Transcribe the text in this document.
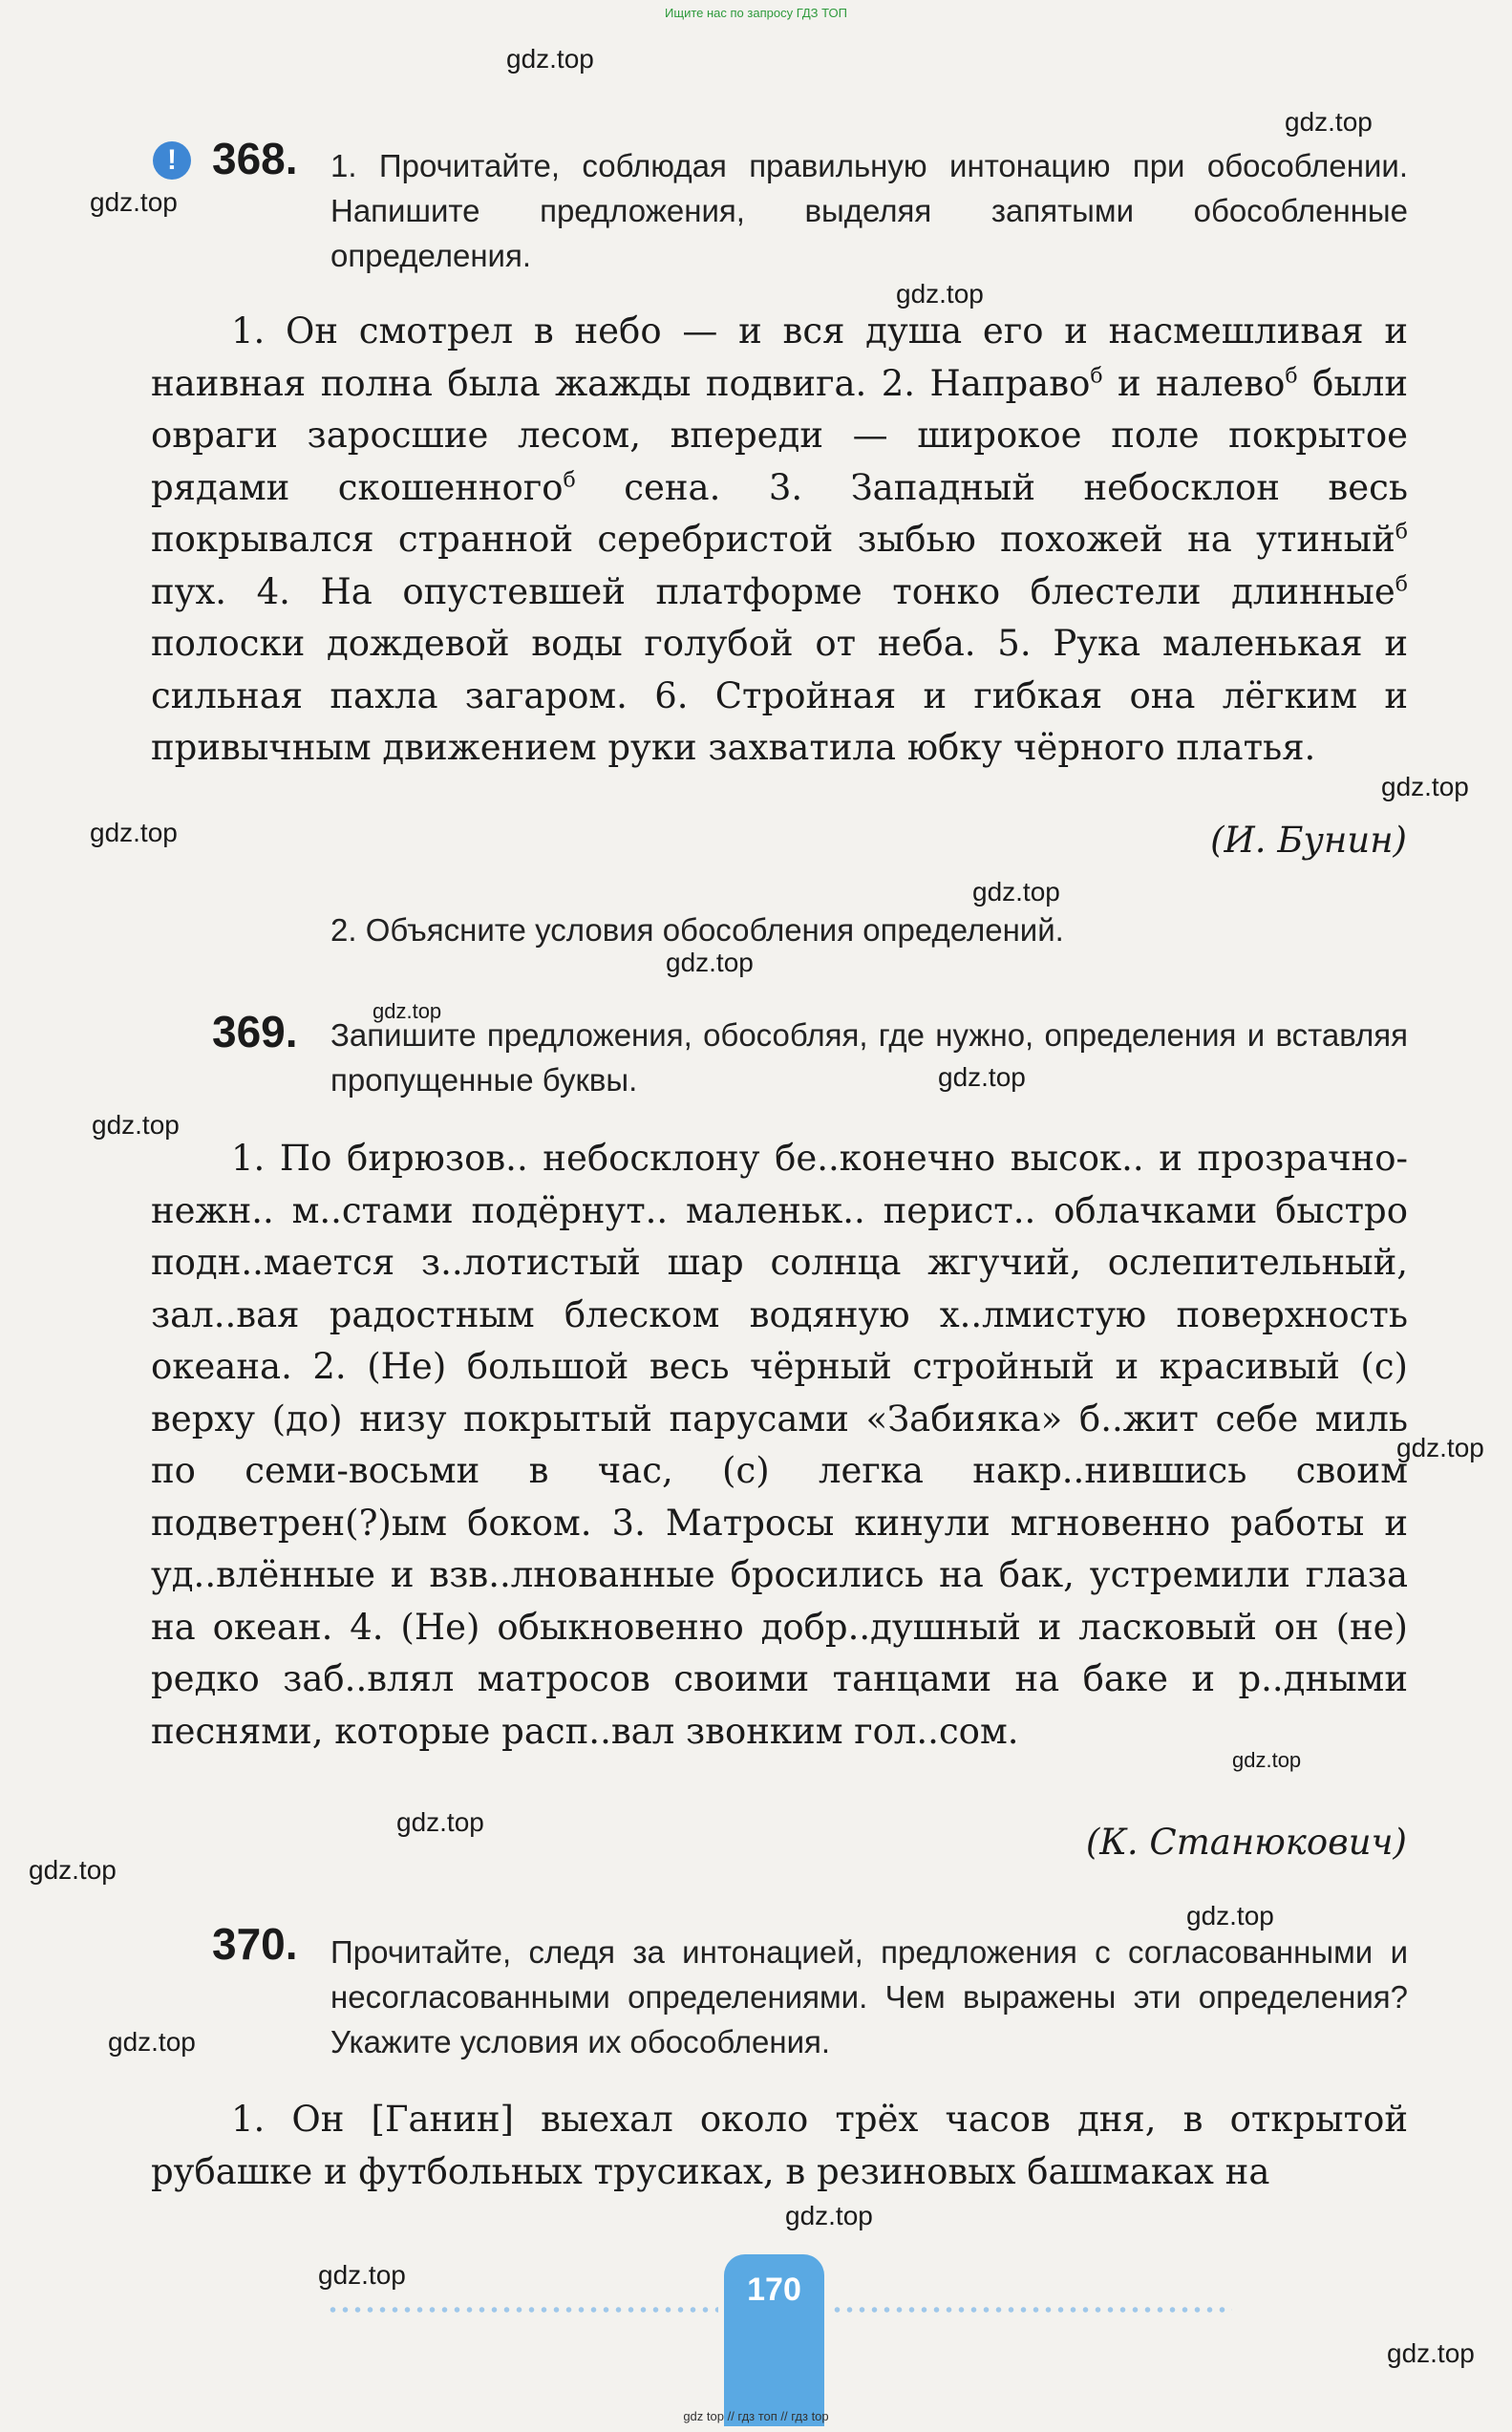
Ищите нас по запросу ГДЗ ТОП
! 368. 1. Прочитайте, соблюдая правильную интонацию при обособлении. Напишите предложения, выделяя запятыми обособленные определения.
1. Он смотрел в небо — и вся душа его и насмешливая и наивная полна была жажды подвига. 2. Направо$^б$ и налево$^б$ были овраги заросшие лесом, впереди — широкое поле покрытое рядами скошенного$^б$ сена. 3. Западный небосклон весь покрывался странной серебристой зыбью похожей на утиный$^б$ пух. 4. На опустевшей платформе тонко блестели длинные$^б$ полоски дождевой воды голубой от неба. 5. Рука маленькая и сильная пахла загаром. 6. Стройная и гибкая она лёгким и привычным движением руки захватила юбку чёрного платья.
(И. Бунин)
2. Объясните условия обособления определений.
369. Запишите предложения, обособляя, где нужно, определения и вставляя пропущенные буквы.
1. По бирюзов.. небосклону бе..конечно высок.. и прозрачно-нежн.. м..стами подёрнут.. маленьк.. перист.. облачками быстро подн..мается з..лотистый шар солнца жгучий, ослепительный, зал..вая радостным блеском водяную х..лмистую поверхность океана. 2. (Не) большой весь чёрный стройный и красивый (с) верху (до) низу покрытый парусами «Забияка» б..жит себе миль по семи-восьми в час, (с) легка накр..нившись своим подветрен(?)ым боком. 3. Матросы кинули мгновенно работы и уд..влённые и взв..лнованные бросились на бак, устремили глаза на океан. 4. (Не) обыкновенно добр..душный и ласковый он (не) редко заб..влял матросов своими танцами на баке и р..дными песнями, которые расп..вал звонким гол..сом.
(К. Станюкович)
370. Прочитайте, следя за интонацией, предложения с согласованными и несогласованными определениями. Чем выражены эти определения? Укажите условия их обособления.
1. Он [Ганин] выехал около трёх часов дня, в открытой рубашке и футбольных трусиках, в резиновых башмаках на
170
gdz.top
gdz.top
gdz.top
gdz.top
gdz.top
gdz.top
gdz.top
gdz.top
gdz.top
gdz.top
gdz.top
gdz.top
gdz.top
gdz.top
gdz.top
gdz.top
gdz.top
gdz.top
gdz.top
gdz.top
gdz top // гдз топ // гдз top
